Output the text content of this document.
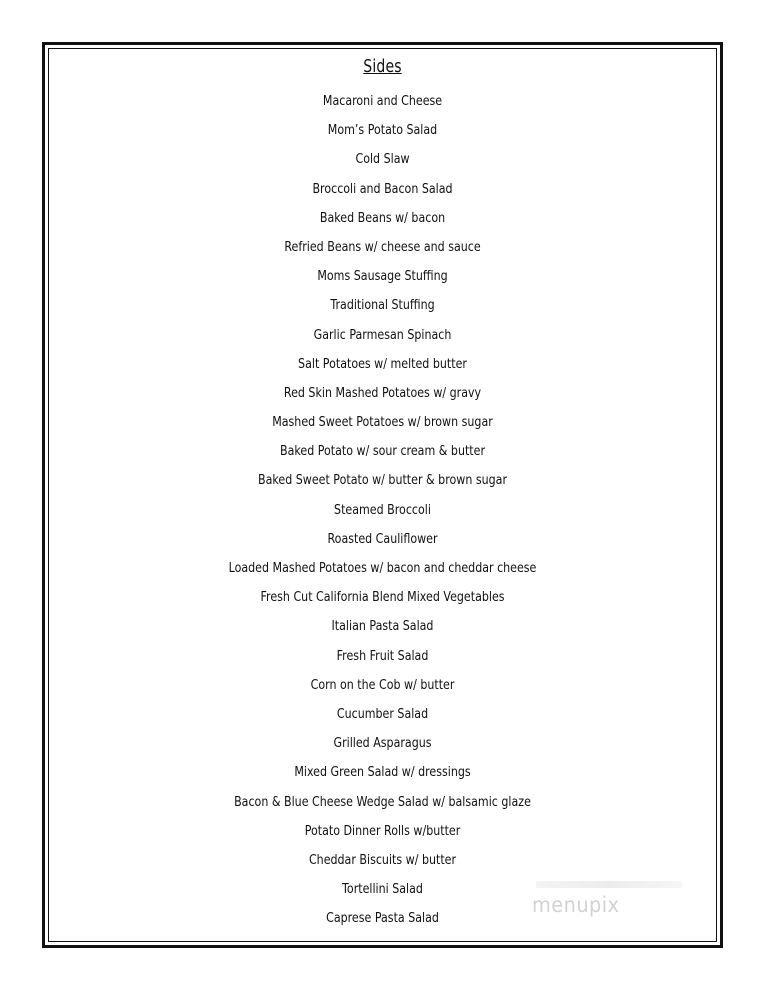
Sides
Macaroni and Cheese
Mom’s Potato Salad
Cold Slaw
Broccoli and Bacon Salad
Baked Beans w/ bacon
Refried Beans w/ cheese and sauce
Moms Sausage Stuffing
Traditional Stuffing
Garlic Parmesan Spinach
Salt Potatoes w/ melted butter
Red Skin Mashed Potatoes w/ gravy
Mashed Sweet Potatoes w/ brown sugar
Baked Potato w/ sour cream & butter
Baked Sweet Potato w/ butter & brown sugar
Steamed Broccoli
Roasted Cauliflower
Loaded Mashed Potatoes w/ bacon and cheddar cheese
Fresh Cut California Blend Mixed Vegetables
Italian Pasta Salad
Fresh Fruit Salad
Corn on the Cob w/ butter
Cucumber Salad
Grilled Asparagus
Mixed Green Salad w/ dressings
Bacon & Blue Cheese Wedge Salad w/ balsamic glaze
Potato Dinner Rolls w/butter
Cheddar Biscuits w/ butter
Tortellini Salad
Caprese Pasta Salad
menupix
